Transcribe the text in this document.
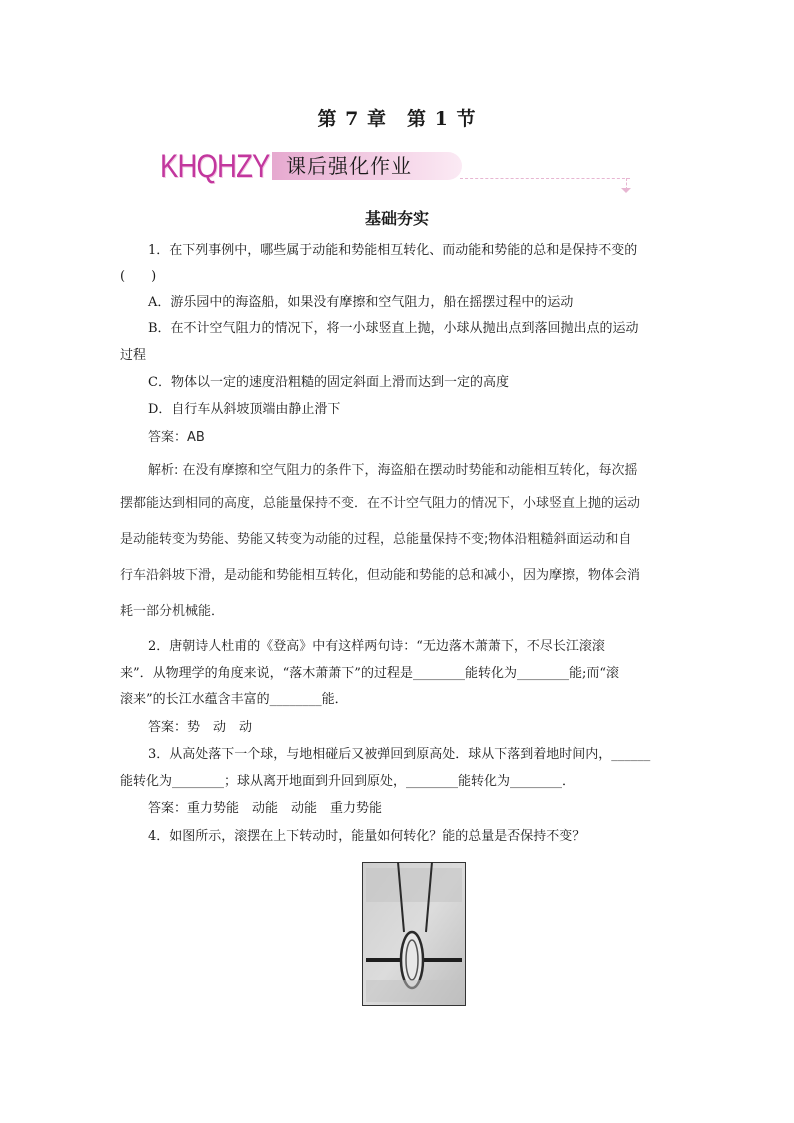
第 7 章　第 1 节
KHQHZY 课后强化作业
基础夯实
1．在下列事例中，哪些属于动能和势能相互转化、而动能和势能的总和是保持不变的
(　　)
A．游乐园中的海盗船，如果没有摩擦和空气阻力，船在摇摆过程中的运动
B．在不计空气阻力的情况下，将一小球竖直上抛，小球从抛出点到落回抛出点的运动
过程
C．物体以一定的速度沿粗糙的固定斜面上滑而达到一定的高度
D．自行车从斜坡顶端由静止滑下
答案：AB
解析: 在没有摩擦和空气阻力的条件下，海盗船在摆动时势能和动能相互转化，每次摇
摆都能达到相同的高度，总能量保持不变．在不计空气阻力的情况下，小球竖直上抛的运动
是动能转变为势能、势能又转变为动能的过程，总能量保持不变;物体沿粗糙斜面运动和自
行车沿斜坡下滑，是动能和势能相互转化，但动能和势能的总和减小，因为摩擦，物体会消
耗一部分机械能．
2．唐朝诗人杜甫的《登高》中有这样两句诗：“无边落木萧萧下，不尽长江滚滚
来”．从物理学的角度来说，“落木萧萧下”的过程是________能转化为________能;而“滚
滚来”的长江水蕴含丰富的________能．
答案：势　动　动
3．从高处落下一个球，与地相碰后又被弹回到原高处．球从下落到着地时间内，______
能转化为________；球从离开地面到升回到原处，________能转化为________．
答案：重力势能　动能　动能　重力势能
4．如图所示，滚摆在上下转动时，能量如何转化？能的总量是否保持不变？
